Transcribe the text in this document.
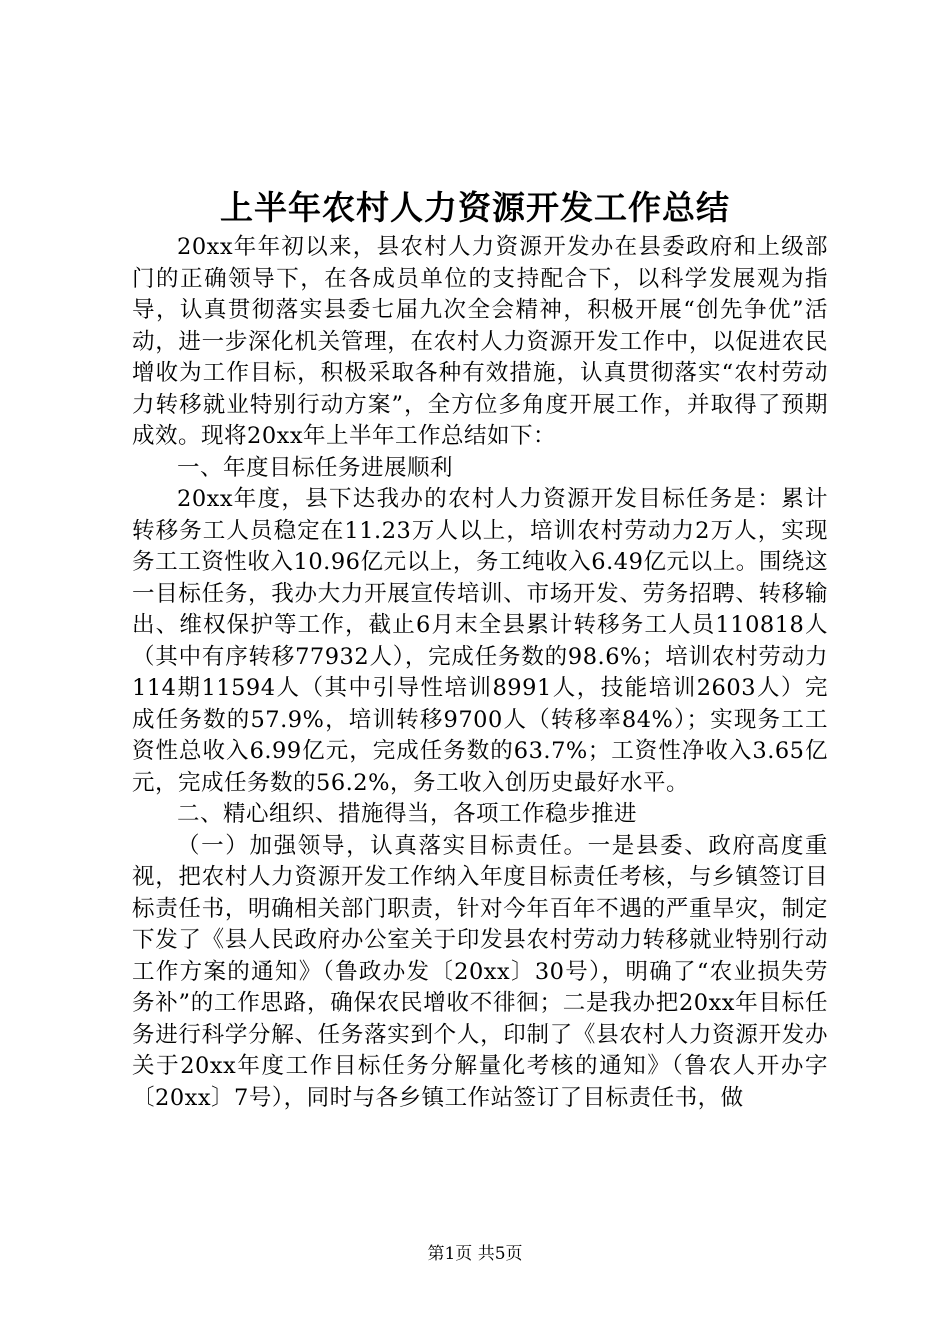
上半年农村人力资源开发工作总结

20xx年年初以来，县农村人力资源开发办在县委政府和上级部门的正确领导下，在各成员单位的支持配合下，以科学发展观为指导，认真贯彻落实县委七届九次全会精神，积极开展“创先争优”活动，进一步深化机关管理，在农村人力资源开发工作中，以促进农民增收为工作目标，积极采取各种有效措施，认真贯彻落实“农村劳动力转移就业特别行动方案”，全方位多角度开展工作，并取得了预期成效。现将20xx年上半年工作总结如下：

一、年度目标任务进展顺利

20xx年度，县下达我办的农村人力资源开发目标任务是：累计转移务工人员稳定在11.23万人以上，培训农村劳动力2万人，实现务工工资性收入10.96亿元以上，务工纯收入6.49亿元以上。围绕这一目标任务，我办大力开展宣传培训、市场开发、劳务招聘、转移输出、维权保护等工作，截止6月末全县累计转移务工人员110818人（其中有序转移77932人），完成任务数的98.6%；培训农村劳动力114期11594人（其中引导性培训8991人，技能培训2603人）完成任务数的57.9%，培训转移9700人（转移率84%）；实现务工工资性总收入6.99亿元，完成任务数的63.7%；工资性净收入3.65亿元，完成任务数的56.2%，务工收入创历史最好水平。

二、精心组织、措施得当，各项工作稳步推进

（一）加强领导，认真落实目标责任。一是县委、政府高度重视，把农村人力资源开发工作纳入年度目标责任考核，与乡镇签订目标责任书，明确相关部门职责，针对今年百年不遇的严重旱灾，制定下发了《县人民政府办公室关于印发县农村劳动力转移就业特别行动工作方案的通知》（鲁政办发〔20xx〕30号），明确了“农业损失劳务补”的工作思路，确保农民增收不徘徊；二是我办把20xx年目标任务进行科学分解、任务落实到个人，印制了《县农村人力资源开发办关于20xx年度工作目标任务分解量化考核的通知》（鲁农人开办字〔20xx〕7号），同时与各乡镇工作站签订了目标责任书，做

第1页 共5页
